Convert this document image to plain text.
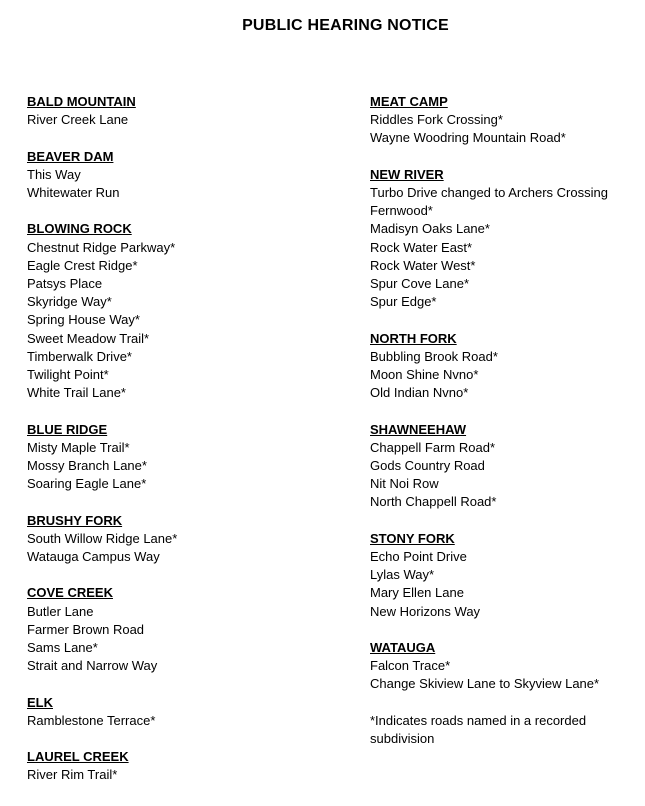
PUBLIC HEARING NOTICE
BALD MOUNTAIN
River Creek Lane
BEAVER DAM
This Way
Whitewater Run
BLOWING ROCK
Chestnut Ridge Parkway*
Eagle Crest Ridge*
Patsys Place
Skyridge Way*
Spring House Way*
Sweet Meadow Trail*
Timberwalk Drive*
Twilight Point*
White Trail Lane*
BLUE RIDGE
Misty Maple Trail*
Mossy Branch Lane*
Soaring Eagle Lane*
BRUSHY FORK
South Willow Ridge Lane*
Watauga Campus Way
COVE CREEK
Butler Lane
Farmer Brown Road
Sams Lane*
Strait and Narrow Way
ELK
Ramblestone Terrace*
LAUREL CREEK
River Rim Trail*
MEAT CAMP
Riddles Fork Crossing*
Wayne Woodring Mountain Road*
NEW RIVER
Turbo Drive changed to Archers Crossing
Fernwood*
Madisyn Oaks Lane*
Rock Water East*
Rock Water West*
Spur Cove Lane*
Spur Edge*
NORTH FORK
Bubbling Brook Road*
Moon Shine Nvno*
Old Indian Nvno*
SHAWNEEHAW
Chappell Farm Road*
Gods Country Road
Nit Noi Row
North Chappell Road*
STONY FORK
Echo Point Drive
Lylas Way*
Mary Ellen Lane
New Horizons Way
WATAUGA
Falcon Trace*
Change Skiview Lane to Skyview Lane*
*Indicates roads named in a recorded subdivision
